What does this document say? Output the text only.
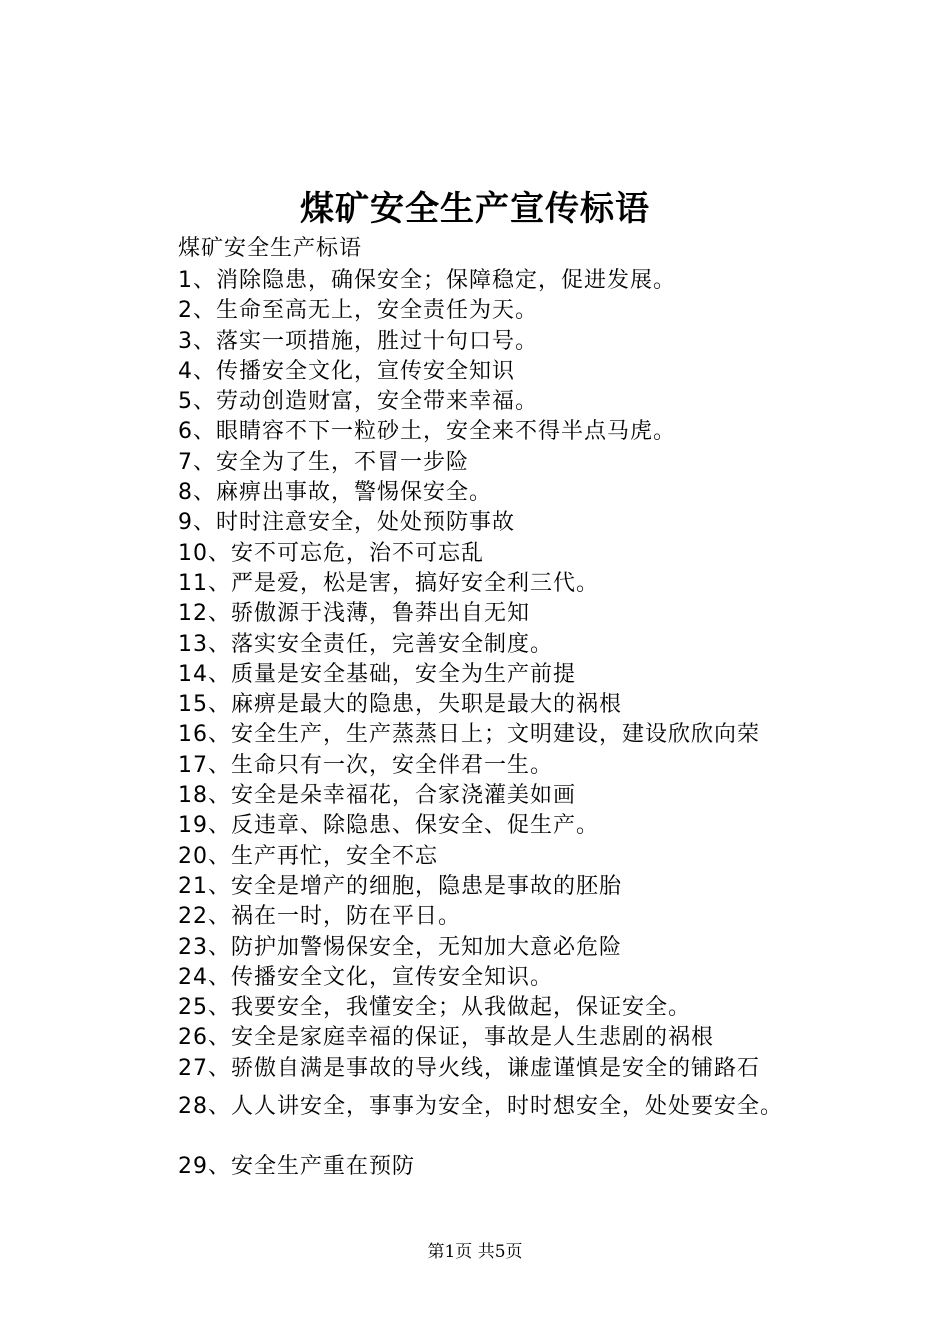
煤矿安全生产宣传标语
煤矿安全生产标语
1、消除隐患，确保安全；保障稳定，促进发展。
2、生命至高无上，安全责任为天。
3、落实一项措施，胜过十句口号。
4、传播安全文化，宣传安全知识
5、劳动创造财富，安全带来幸福。
6、眼睛容不下一粒砂土，安全来不得半点马虎。
7、安全为了生，不冒一步险
8、麻痹出事故，警惕保安全。
9、时时注意安全，处处预防事故
10、安不可忘危，治不可忘乱
11、严是爱，松是害，搞好安全利三代。
12、骄傲源于浅薄，鲁莽出自无知
13、落实安全责任，完善安全制度。
14、质量是安全基础，安全为生产前提
15、麻痹是最大的隐患，失职是最大的祸根
16、安全生产，生产蒸蒸日上；文明建设，建设欣欣向荣
17、生命只有一次，安全伴君一生。
18、安全是朵幸福花，合家浇灌美如画
19、反违章、除隐患、保安全、促生产。
20、生产再忙，安全不忘
21、安全是增产的细胞，隐患是事故的胚胎
22、祸在一时，防在平日。
23、防护加警惕保安全，无知加大意必危险
24、传播安全文化，宣传安全知识。
25、我要安全，我懂安全；从我做起，保证安全。
26、安全是家庭幸福的保证，事故是人生悲剧的祸根
27、骄傲自满是事故的导火线，谦虚谨慎是安全的铺路石
28、人人讲安全，事事为安全，时时想安全，处处要安全。
29、安全生产重在预防
第1页 共5页
